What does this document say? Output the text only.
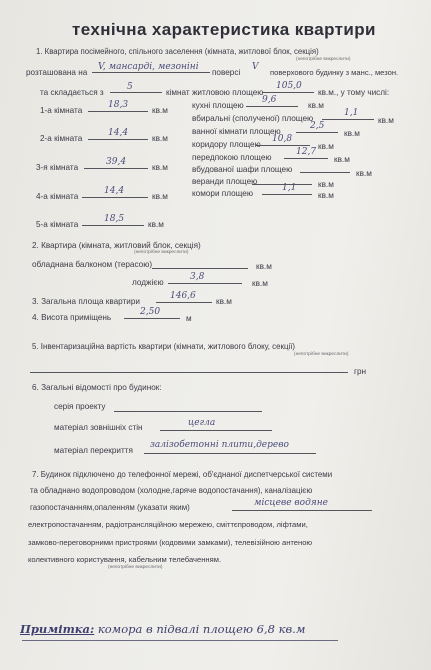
технічна характеристика квартири
1. Квартира посімейного, спільного заселення (кімната, житлової блок, секція)
(непотрібне викреслити)
розташована на
V, мансарді, мезоніні
поверсі
V
поверхового будинку з манс., мезон.
та складається з
5
кімнат житловою площею
105,0
кв.м., у тому числі:
1-а кімната
18,3
кв.м
2-а кімната
14,4
кв.м
3-я кімната
39,4
кв.м
4-а кімната
14,4
кв.м
5-а кімната
18,5
кв.м
кухні площею
9,6
кв.м
вбиральні (сполученої) площею
1,1
кв.м
ванної кімнати площею
2,5
кв.м
коридору площею
10,8
кв.м
передпокою площею
12,7
кв.м
вбудованої шафи площею	кв.м
веранди площею	кв.м
комори площею
1,1
кв.м
2. Квартира (кімната, житловий блок, секція)
(непотрібне викреслити)
обладнана балконом (терасою)	кв.м
лоджією
3,8
кв.м
3. Загальна площа квартири
146,6
кв.м
4. Висота приміщень
2,50
м
5. Інвентаризаційна вартість квартири (кімнати, житлового блоку, секції)
(непотрібне викреслити)
грн
6. Загальні відомості про будинок:
серія проекту
матеріал зовнішніх стін	цегла
матеріал перекриття
залізобетонні плити,дерево
7. Будинок підключено до телефонної мережі, об'єднаної диспетчерської системи
та обладнано водопроводом (холодне,гаряче водопостачання), каналізацією
газопостачанням,опаленням (указати яким)	місцеве водяне
електропостачанням, радіотрансляційною мережею, сміттєпроводом, ліфтами,
замково-переговорними пристроями (кодовими замками), телевізійною антеною
колективного користування, кабельним телебаченням.
(непотрібне викреслити)
Примітка: комора в підвалі площею 6,8 кв.м
